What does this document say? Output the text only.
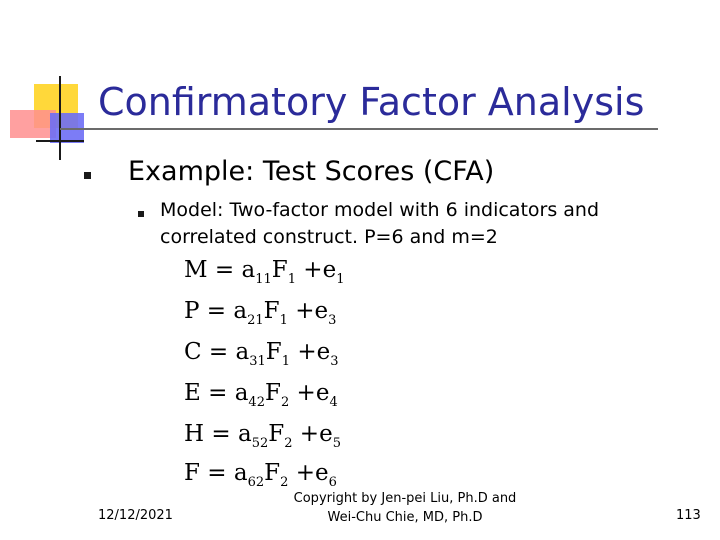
Confirmatory Factor Analysis
Example: Test Scores (CFA)
Model: Two-factor model with 6 indicators and correlated construct. P=6 and m=2
$M = a_{11}F_1 +e_1$
$P = a_{21}F_1 +e_3$
$C = a_{31}F_1 +e_3$
$E = a_{42}F_2 +e_4$
$H = a_{52}F_2 +e_5$
$F = a_{62}F_2 +e_6$
12/12/2021
Copyright by Jen-pei Liu, Ph.D and
Wei-Chu Chie, MD, Ph.D	113
